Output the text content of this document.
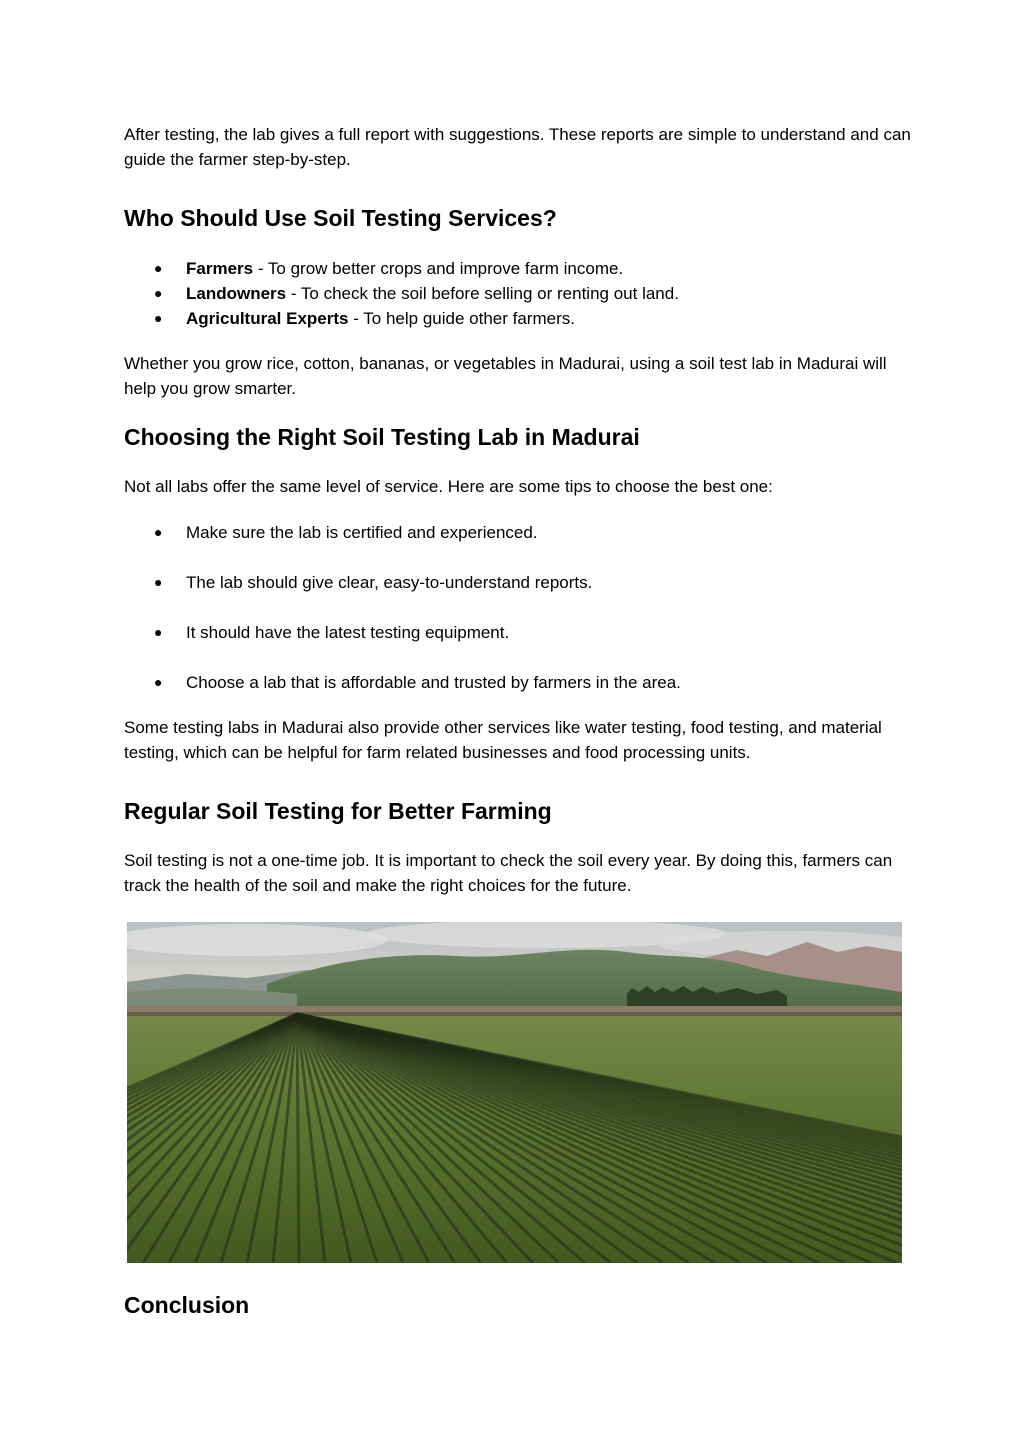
After testing, the lab gives a full report with suggestions. These reports are simple to understand and can guide the farmer step-by-step.

Who Should Use Soil Testing Services?
● Farmers - To grow better crops and improve farm income.
● Landowners - To check the soil before selling or renting out land.
● Agricultural Experts - To help guide other farmers.

Whether you grow rice, cotton, bananas, or vegetables in Madurai, using a soil test lab in Madurai will help you grow smarter.

Choosing the Right Soil Testing Lab in Madurai

Not all labs offer the same level of service. Here are some tips to choose the best one:

● Make sure the lab is certified and experienced.
● The lab should give clear, easy-to-understand reports.
● It should have the latest testing equipment.
● Choose a lab that is affordable and trusted by farmers in the area.

Some testing labs in Madurai also provide other services like water testing, food testing, and material testing, which can be helpful for farm related businesses and food processing units.

Regular Soil Testing for Better Farming

Soil testing is not a one-time job. It is important to check the soil every year. By doing this, farmers can track the health of the soil and make the right choices for the future.

Conclusion
